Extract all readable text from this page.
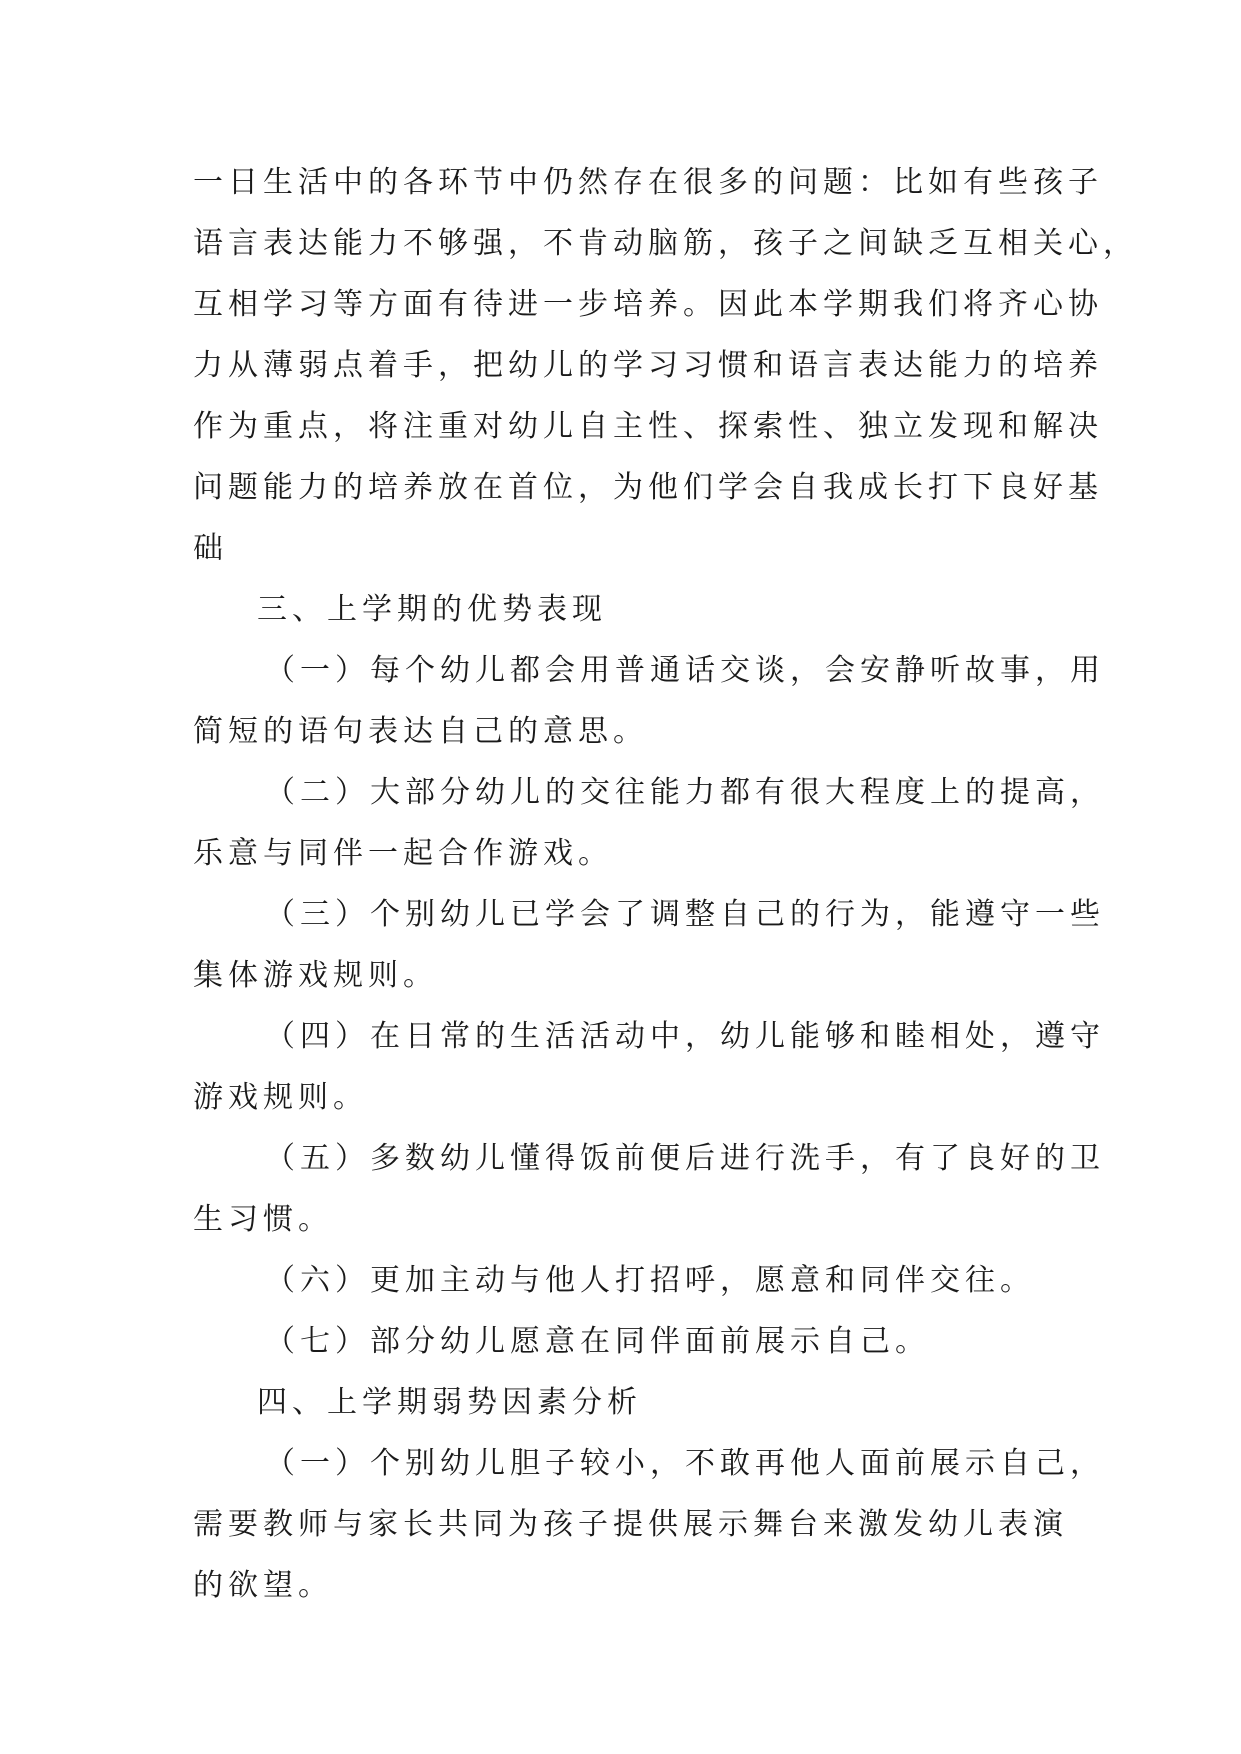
一日生活中的各环节中仍然存在很多的问题：比如有些孩子
语言表达能力不够强，不肯动脑筋，孩子之间缺乏互相关心，
互相学习等方面有待进一步培养。因此本学期我们将齐心协
力从薄弱点着手，把幼儿的学习习惯和语言表达能力的培养
作为重点，将注重对幼儿自主性、探索性、独立发现和解决
问题能力的培养放在首位，为他们学会自我成长打下良好基
础
三、上学期的优势表现
（一）每个幼儿都会用普通话交谈，会安静听故事，用
简短的语句表达自己的意思。
（二）大部分幼儿的交往能力都有很大程度上的提高，
乐意与同伴一起合作游戏。
（三）个别幼儿已学会了调整自己的行为，能遵守一些
集体游戏规则。
（四）在日常的生活活动中，幼儿能够和睦相处，遵守
游戏规则。
（五）多数幼儿懂得饭前便后进行洗手，有了良好的卫
生习惯。
（六）更加主动与他人打招呼，愿意和同伴交往。
（七）部分幼儿愿意在同伴面前展示自己。
四、上学期弱势因素分析
（一）个别幼儿胆子较小，不敢再他人面前展示自己，
需要教师与家长共同为孩子提供展示舞台来激发幼儿表演
的欲望。
